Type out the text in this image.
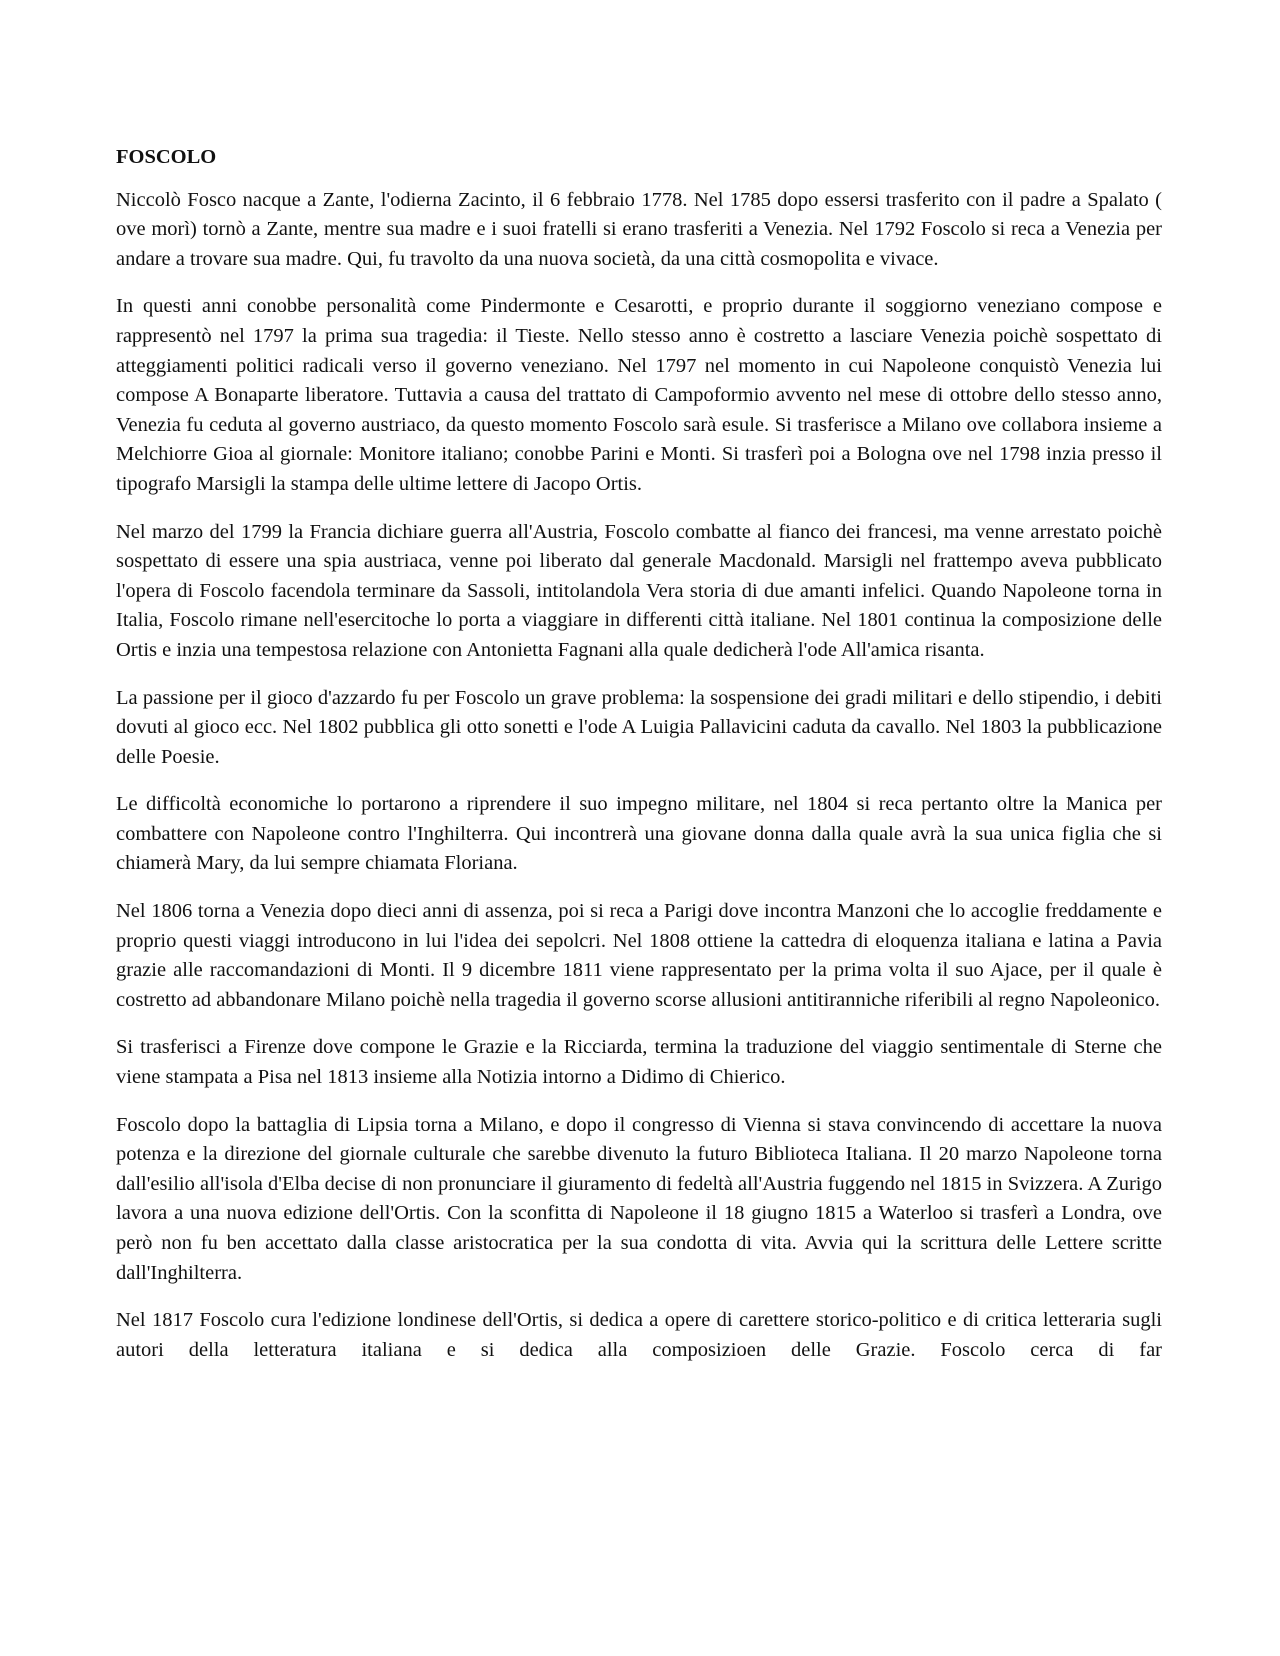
FOSCOLO

Niccolò Fosco nacque a Zante, l'odierna Zacinto, il 6 febbraio 1778. Nel 1785 dopo essersi trasferito con il padre a Spalato ( ove morì) tornò a Zante, mentre sua madre e i suoi fratelli si erano trasferiti a Venezia. Nel 1792 Foscolo si reca a Venezia per andare a trovare sua madre. Qui, fu travolto da una nuova società, da una città cosmopolita e vivace.

In questi anni conobbe personalità come Pindermonte e Cesarotti, e proprio durante il soggiorno veneziano compose e rappresentò nel 1797 la prima sua tragedia: il Tieste. Nello stesso anno è costretto a lasciare Venezia poichè sospettato di atteggiamenti politici radicali verso il governo veneziano. Nel 1797 nel momento in cui Napoleone conquistò Venezia lui compose A Bonaparte liberatore. Tuttavia a causa del trattato di Campoformio avvento nel mese di ottobre dello stesso anno, Venezia fu ceduta al governo austriaco, da questo momento Foscolo sarà esule. Si trasferisce a Milano ove collabora insieme a Melchiorre Gioa al giornale: Monitore italiano; conobbe Parini e Monti. Si trasferì poi a Bologna ove nel 1798 inzia presso il tipografo Marsigli la stampa delle ultime lettere di Jacopo Ortis.

Nel marzo del 1799 la Francia dichiare guerra all'Austria, Foscolo combatte al fianco dei francesi, ma venne arrestato poichè sospettato di essere una spia austriaca, venne poi liberato dal generale Macdonald. Marsigli nel frattempo aveva pubblicato l'opera di Foscolo facendola terminare da Sassoli, intitolandola Vera storia di due amanti infelici. Quando Napoleone torna in Italia, Foscolo rimane nell'esercitoche lo porta a viaggiare in differenti città italiane. Nel 1801 continua la composizione delle Ortis e inzia una tempestosa relazione con Antonietta Fagnani alla quale dedicherà l'ode All'amica risanta.

La passione per il gioco d'azzardo fu per Foscolo un grave problema: la sospensione dei gradi militari e dello stipendio, i debiti dovuti al gioco ecc. Nel 1802 pubblica gli otto sonetti e l'ode A Luigia Pallavicini caduta da cavallo. Nel 1803 la pubblicazione delle Poesie.

Le difficoltà economiche lo portarono a riprendere il suo impegno militare, nel 1804 si reca pertanto oltre la Manica per combattere con Napoleone contro l'Inghilterra. Qui incontrerà una giovane donna dalla quale avrà la sua unica figlia che si chiamerà Mary, da lui sempre chiamata Floriana.

Nel 1806 torna a Venezia dopo dieci anni di assenza, poi si reca a Parigi dove incontra Manzoni che lo accoglie freddamente e proprio questi viaggi introducono in lui l'idea dei sepolcri. Nel 1808 ottiene la cattedra di eloquenza italiana e latina a Pavia grazie alle raccomandazioni di Monti. Il 9 dicembre 1811 viene rappresentato per la prima volta il suo Ajace, per il quale è costretto ad abbandonare Milano poichè nella tragedia il governo scorse allusioni antitiranniche riferibili al regno Napoleonico.

Si trasferisci a Firenze dove compone le Grazie e la Ricciarda, termina la traduzione del viaggio sentimentale di Sterne che viene stampata a Pisa nel 1813 insieme alla Notizia intorno a Didimo di Chierico.

Foscolo dopo la battaglia di Lipsia torna a Milano, e dopo il congresso di Vienna si stava convincendo di accettare la nuova potenza e la direzione del giornale culturale che sarebbe divenuto la futuro Biblioteca Italiana. Il 20 marzo Napoleone torna dall'esilio all'isola d'Elba decise di non pronunciare il giuramento di fedeltà all'Austria fuggendo nel 1815 in Svizzera. A Zurigo lavora a una nuova edizione dell'Ortis. Con la sconfitta di Napoleone il 18 giugno 1815 a Waterloo si trasferì a Londra, ove però non fu ben accettato dalla classe aristocratica per la sua condotta di vita. Avvia qui la scrittura delle Lettere scritte dall'Inghilterra.

Nel 1817 Foscolo cura l'edizione londinese dell'Ortis, si dedica a opere di carettere storico-politico e di critica letteraria sugli autori della letteratura italiana e si dedica alla composizioen delle Grazie. Foscolo cerca di far
